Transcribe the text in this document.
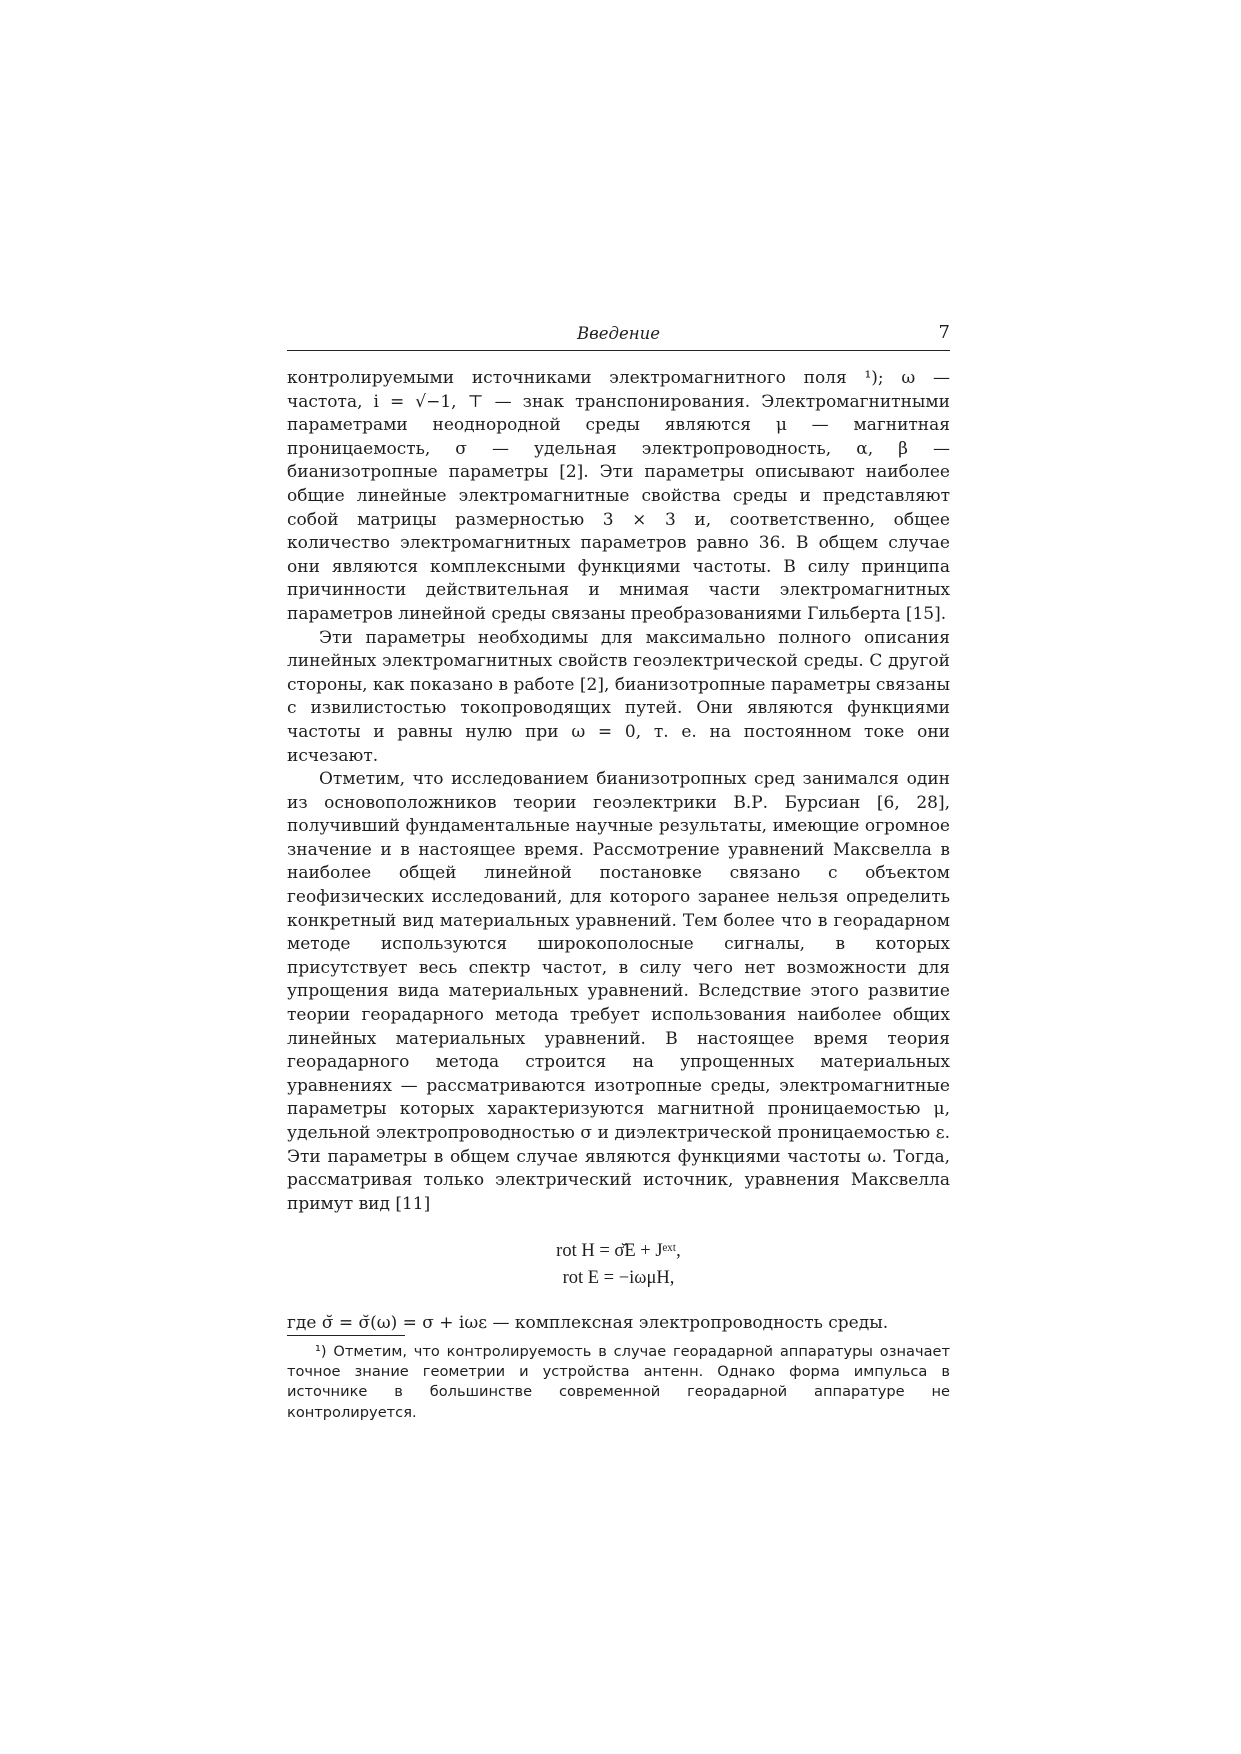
Введение	7

контролируемыми источниками электромагнитного поля ¹); ω — частота, i = √−1, ⊤ — знак транспонирования. Электромагнитными параметрами неоднородной среды являются μ — магнитная проницаемость, σ — удельная электропроводность, α, β — бианизотропные параметры [2]. Эти параметры описывают наиболее общие линейные электромагнитные свойства среды и представляют собой матрицы размерностью 3 × 3 и, соответственно, общее количество электромагнитных параметров равно 36. В общем случае они являются комплексными функциями частоты. В силу принципа причинности действительная и мнимая части электромагнитных параметров линейной среды связаны преобразованиями Гильберта [15].

Эти параметры необходимы для максимально полного описания линейных электромагнитных свойств геоэлектрической среды. С другой стороны, как показано в работе [2], бианизотропные параметры связаны с извилистостью токопроводящих путей. Они являются функциями частоты и равны нулю при ω = 0, т. е. на постоянном токе они исчезают.

Отметим, что исследованием бианизотропных сред занимался один из основоположников теории геоэлектрики В.Р. Бурсиан [6, 28], получивший фундаментальные научные результаты, имеющие огромное значение и в настоящее время. Рассмотрение уравнений Максвелла в наиболее общей линейной постановке связано с объектом геофизических исследований, для которого заранее нельзя определить конкретный вид материальных уравнений. Тем более что в георадарном методе используются широкополосные сигналы, в которых присутствует весь спектр частот, в силу чего нет возможности для упрощения вида материальных уравнений. Вследствие этого развитие теории георадарного метода требует использования наиболее общих линейных материальных уравнений. В настоящее время теория георадарного метода строится на упрощенных материальных уравнениях — рассматриваются изотропные среды, электромагнитные параметры которых характеризуются магнитной проницаемостью μ, удельной электропроводностью σ и диэлектрической проницаемостью ε. Эти параметры в общем случае являются функциями частоты ω. Тогда, рассматривая только электрический источник, уравнения Максвелла примут вид [11]

rot H = σ̆E + Jᵉˣᵗ,
rot E = −iωμH,

где σ̆ = σ̆(ω) = σ + iωε — комплексная электропроводность среды.

¹) Отметим, что контролируемость в случае георадарной аппаратуры означает точное знание геометрии и устройства антенн. Однако форма импульса в источнике в большинстве современной георадарной аппаратуре не контролируется.
